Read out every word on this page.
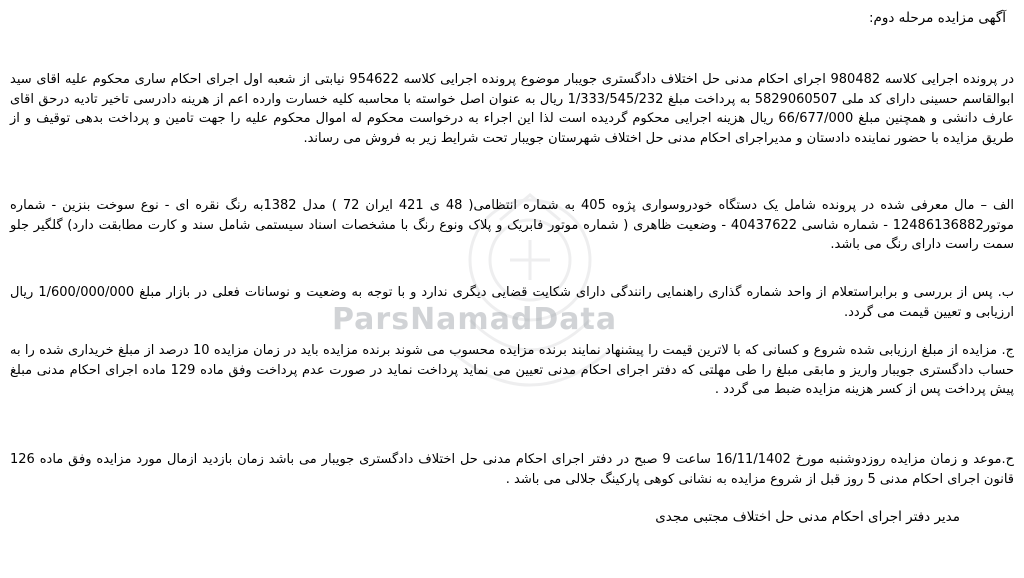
ParsNamadData
آگهی مزایده مرحله دوم:
در پرونده اجرایی کلاسه 980482 اجرای احکام مدنی حل اختلاف دادگستری جویبار موضوع پرونده اجرایی کلاسه 954622 نیابتی از شعبه اول اجرای احکام ساری محکوم علیه اقای سید ابوالقاسم حسینی دارای کد ملی 5829060507 به پرداخت مبلغ 1/333/545/232 ریال به عنوان اصل خواسته با محاسبه کلیه خسارت وارده اعم از هرینه دادرسی تاخیر تادیه درحق اقای عارف دانشی و همچنین مبلغ 66/677/000 ریال هزینه اجرایی محکوم گردیده است لذا این اجراء به درخواست محکوم له اموال محکوم علیه را جهت تامین و پرداخت بدهی توقیف و از طریق مزایده با حضور نماینده دادستان و مدیراجرای احکام مدنی حل اختلاف شهرستان جویبار تحت شرایط زیر به فروش می رساند.
الف – مال معرفی شده در پرونده شامل یک دستگاه خودروسواری پژوه 405 به شماره انتظامی( 48 ی 421 ایران 72 ) مدل 1382به رنگ نقره ای - نوع سوخت بنزین - شماره موتور12486136882 - شماره شاسی 40437622 - وضعیت ظاهری ( شماره موتور فابریک و پلاک ونوع رنگ با مشخصات اسناد سیستمی شامل سند و کارت مطابقت دارد) گلگیر جلو سمت راست دارای رنگ می باشد.
ب. پس از بررسی و برابراستعلام از واحد شماره گذاری راهنمایی رانندگی دارای شکایت قضایی دیگری ندارد و با توجه به وضعیت و نوسانات فعلی در بازار مبلغ 1/600/000/000 ریال ارزیابی و تعیین قیمت می گردد.
ج. مزایده از مبلغ ارزیابی شده شروع و کسانی که با لاترین قیمت را پیشنهاد نمایند برنده مزایده محسوب می شوند برنده مزایده باید در زمان مزایده 10 درصد از مبلغ خریداری شده را به حساب دادگستری جویبار واریز و مابقی مبلغ را طی مهلتی که دفتر اجرای احکام مدنی تعیین می نماید پرداخت نماید در صورت عدم پرداخت وفق ماده 129 ماده اجرای احکام مدنی مبلغ پیش پرداخت پس از کسر هزینه مزایده ضبط می گردد .
ح.موعد و زمان مزایده روزدوشنبه مورخ 16/11/1402 ساعت 9 صبح در دفتر اجرای احکام مدنی حل اختلاف دادگستری جویبار می باشد زمان بازدید ازمال مورد مزایده وفق ماده 126 قانون اجرای احکام مدنی 5 روز قبل از شروع مزایده به نشانی کوهی پارکینگ جلالی می باشد .
مدیر دفتر اجرای احکام مدنی حل اختلاف مجتبی مجدی
